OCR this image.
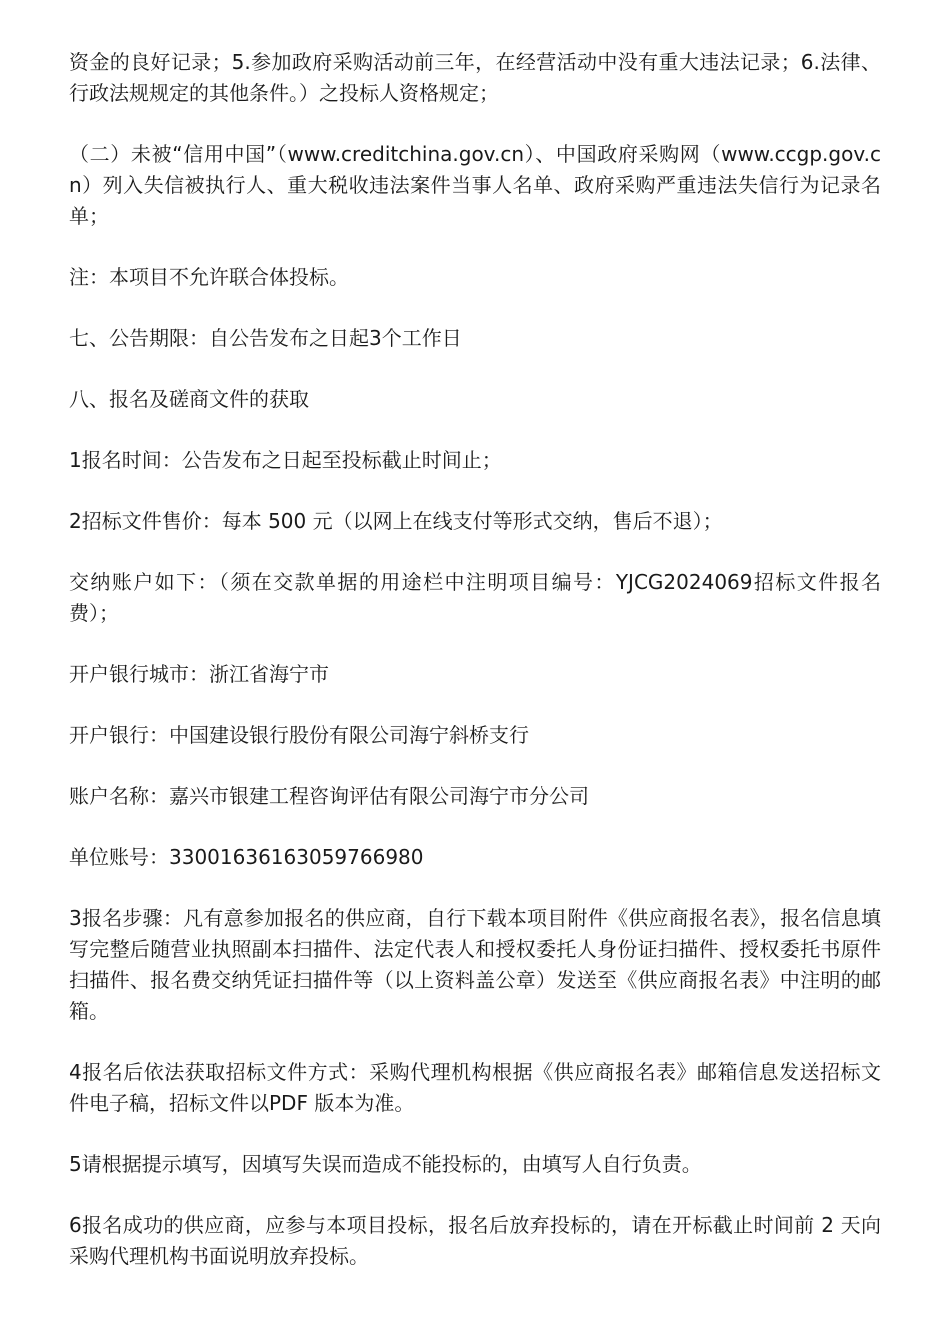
资金的良好记录；5.参加政府采购活动前三年，在经营活动中没有重大违法记录；6.法律、行政法规规定的其他条件。）之投标人资格规定；

（二）未被“信用中国”（www.creditchina.gov.cn）、中国政府采购网（www.ccgp.gov.cn）列入失信被执行人、重大税收违法案件当事人名单、政府采购严重违法失信行为记录名单；

注：本项目不允许联合体投标。

七、公告期限：自公告发布之日起3个工作日

八、报名及磋商文件的获取

1报名时间：公告发布之日起至投标截止时间止；

2招标文件售价：每本 500 元（以网上在线支付等形式交纳，售后不退）；

交纳账户如下：（须在交款单据的用途栏中注明项目编号：YJCG2024069招标文件报名费）；

开户银行城市：浙江省海宁市

开户银行：中国建设银行股份有限公司海宁斜桥支行

账户名称：嘉兴市银建工程咨询评估有限公司海宁市分公司

单位账号：33001636163059766980

3报名步骤：凡有意参加报名的供应商，自行下载本项目附件《供应商报名表》，报名信息填写完整后随营业执照副本扫描件、法定代表人和授权委托人身份证扫描件、授权委托书原件扫描件、报名费交纳凭证扫描件等（以上资料盖公章）发送至《供应商报名表》中注明的邮箱。

4报名后依法获取招标文件方式：采购代理机构根据《供应商报名表》邮箱信息发送招标文件电子稿，招标文件以PDF 版本为准。

5请根据提示填写，因填写失误而造成不能投标的，由填写人自行负责。

6报名成功的供应商，应参与本项目投标，报名后放弃投标的，请在开标截止时间前 2 天向采购代理机构书面说明放弃投标。
